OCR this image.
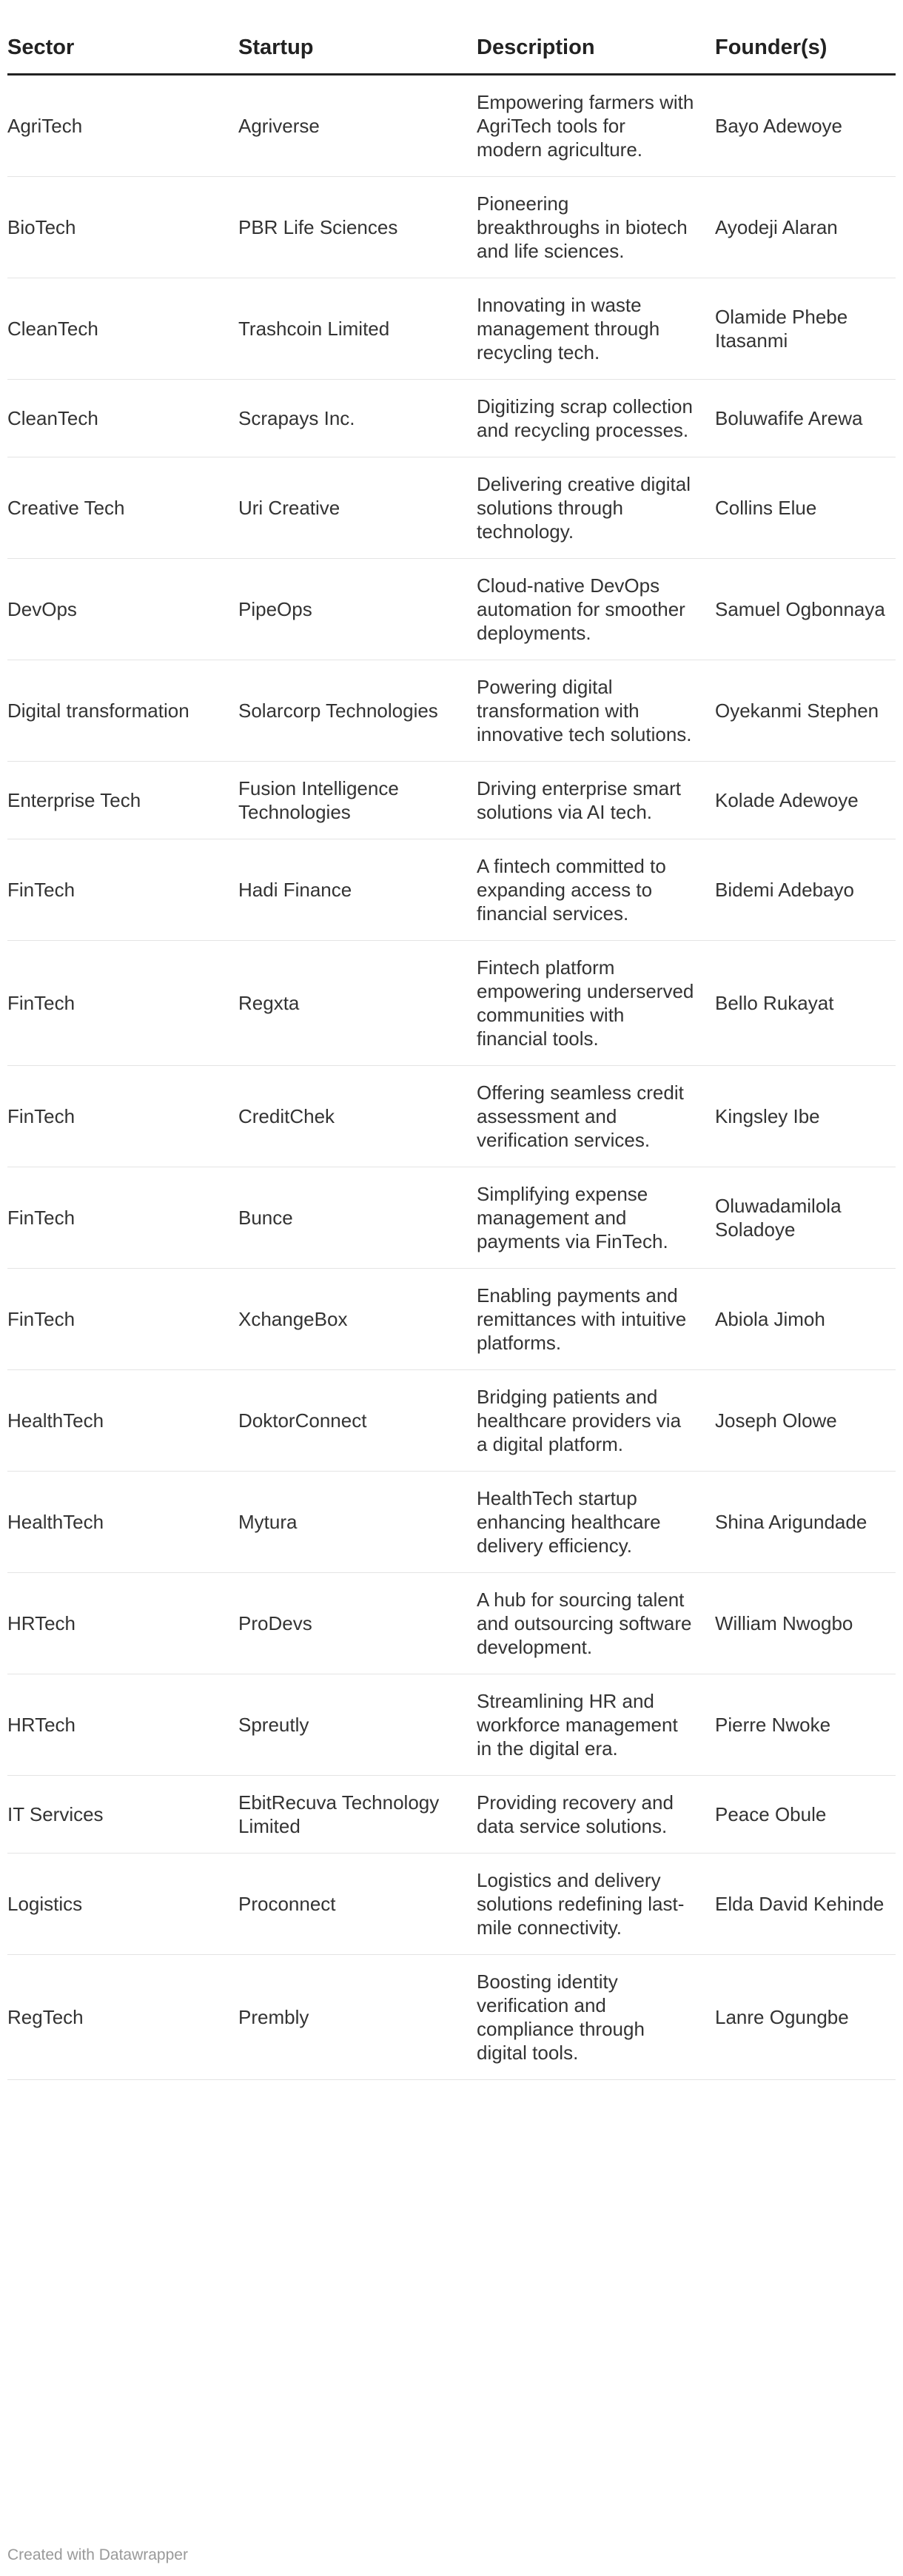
Sector	Startup	Description	Founder(s)
AgriTech	Agriverse	Empowering farmers with AgriTech tools for modern agriculture.	Bayo Adewoye
BioTech	PBR Life Sciences	Pioneering breakthroughs in biotech and life sciences.	Ayodeji Alaran
CleanTech	Trashcoin Limited	Innovating in waste management through recycling tech.	Olamide Phebe Itasanmi
CleanTech	Scrapays Inc.	Digitizing scrap collection and recycling processes.	Boluwafife Arewa
Creative Tech	Uri Creative	Delivering creative digital solutions through technology.	Collins Elue
DevOps	PipeOps	Cloud-native DevOps automation for smoother deployments.	Samuel Ogbonnaya
Digital transformation	Solarcorp Technologies	Powering digital transformation with innovative tech solutions.	Oyekanmi Stephen
Enterprise Tech	Fusion Intelligence Technologies	Driving enterprise smart solutions via AI tech.	Kolade Adewoye
FinTech	Hadi Finance	A fintech committed to expanding access to financial services.	Bidemi Adebayo
FinTech	Regxta	Fintech platform empowering underserved communities with financial tools.	Bello Rukayat
FinTech	CreditChek	Offering seamless credit assessment and verification services.	Kingsley Ibe
FinTech	Bunce	Simplifying expense management and payments via FinTech.	Oluwadamilola Soladoye
FinTech	XchangeBox	Enabling payments and remittances with intuitive platforms.	Abiola Jimoh
HealthTech	DoktorConnect	Bridging patients and healthcare providers via a digital platform.	Joseph Olowe
HealthTech	Mytura	HealthTech startup enhancing healthcare delivery efficiency.	Shina Arigundade
HRTech	ProDevs	A hub for sourcing talent and outsourcing software development.	William Nwogbo
HRTech	Spreutly	Streamlining HR and workforce management in the digital era.	Pierre Nwoke
IT Services	EbitRecuva Technology Limited	Providing recovery and data service solutions.	Peace Obule
Logistics	Proconnect	Logistics and delivery solutions redefining last-mile connectivity.	Elda David Kehinde
RegTech	Prembly	Boosting identity verification and compliance through digital tools.	Lanre Ogungbe
Created with Datawrapper
